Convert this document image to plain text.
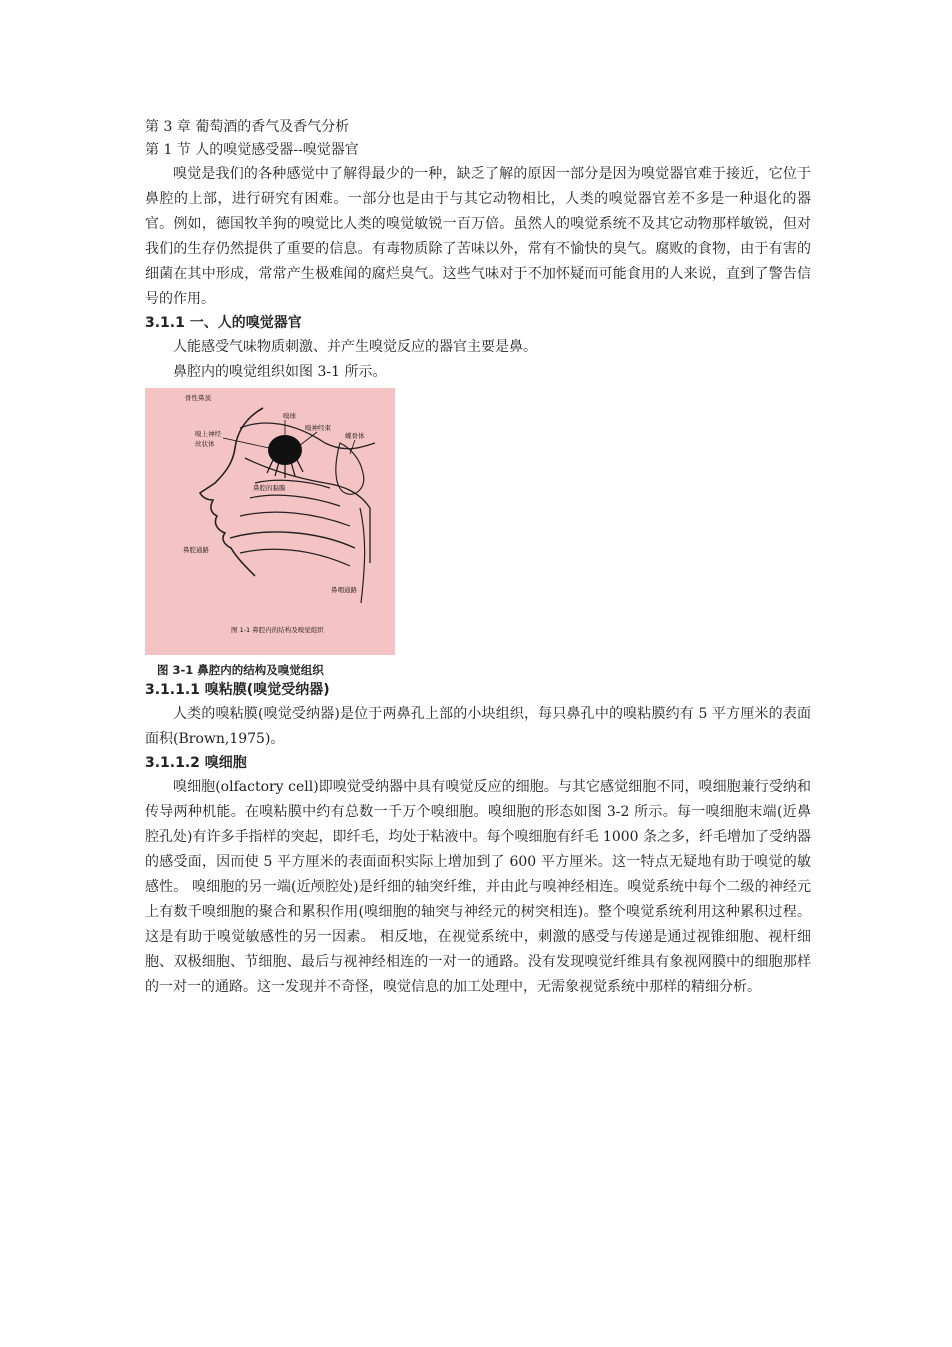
第 3 章 葡萄酒的香气及香气分析
第 1 节 人的嗅觉感受器--嗅觉器官

嗅觉是我们的各种感觉中了解得最少的一种，缺乏了解的原因一部分是因为嗅觉器官难于接近，它位于鼻腔的上部，进行研究有困难。一部分也是由于与其它动物相比，人类的嗅觉器官差不多是一种退化的器官。例如，德国牧羊狗的嗅觉比人类的嗅觉敏锐一百万倍。虽然人的嗅觉系统不及其它动物那样敏锐，但对我们的生存仍然提供了重要的信息。有毒物质除了苦味以外，常有不愉快的臭气。腐败的食物，由于有害的细菌在其中形成，常常产生极难闻的腐烂臭气。这些气味对于不加怀疑而可能食用的人来说，直到了警告信号的作用。

3.1.1 一、人的嗅觉器官

人能感受气味物质刺激、并产生嗅觉反应的器官主要是鼻。

鼻腔内的嗅觉组织如图 3-1 所示。

骨性鼻顶
嗅球
嗅神经束
蝶骨体
嗅上神经
丝状体
鼻腔的黏膜
鼻腔通路
鼻咽通路
图 1-1 鼻腔内的结构及嗅觉组织

图 3-1 鼻腔内的结构及嗅觉组织

3.1.1.1 嗅粘膜(嗅觉受纳器)

人类的嗅粘膜(嗅觉受纳器)是位于两鼻孔上部的小块组织，每只鼻孔中的嗅粘膜约有 5 平方厘米的表面面积(Brown,1975)。

3.1.1.2 嗅细胞

嗅细胞(olfactory cell)即嗅觉受纳器中具有嗅觉反应的细胞。与其它感觉细胞不同，嗅细胞兼行受纳和传导两种机能。在嗅粘膜中约有总数一千万个嗅细胞。嗅细胞的形态如图 3-2 所示。每一嗅细胞末端(近鼻腔孔处)有许多手指样的突起，即纤毛，均处于粘液中。每个嗅细胞有纤毛 1000 条之多，纤毛增加了受纳器的感受面，因而使 5 平方厘米的表面面积实际上增加到了 600 平方厘米。这一特点无疑地有助于嗅觉的敏感性。 嗅细胞的另一端(近颅腔处)是纤细的轴突纤维，并由此与嗅神经相连。嗅觉系统中每个二级的神经元上有数千嗅细胞的聚合和累积作用(嗅细胞的轴突与神经元的树突相连)。整个嗅觉系统利用这种累积过程。这是有助于嗅觉敏感性的另一因素。 相反地，在视觉系统中，刺激的感受与传递是通过视锥细胞、视杆细胞、双极细胞、节细胞、最后与视神经相连的一对一的通路。没有发现嗅觉纤维具有象视网膜中的细胞那样的一对一的通路。这一发现并不奇怪，嗅觉信息的加工处理中，无需象视觉系统中那样的精细分析。
